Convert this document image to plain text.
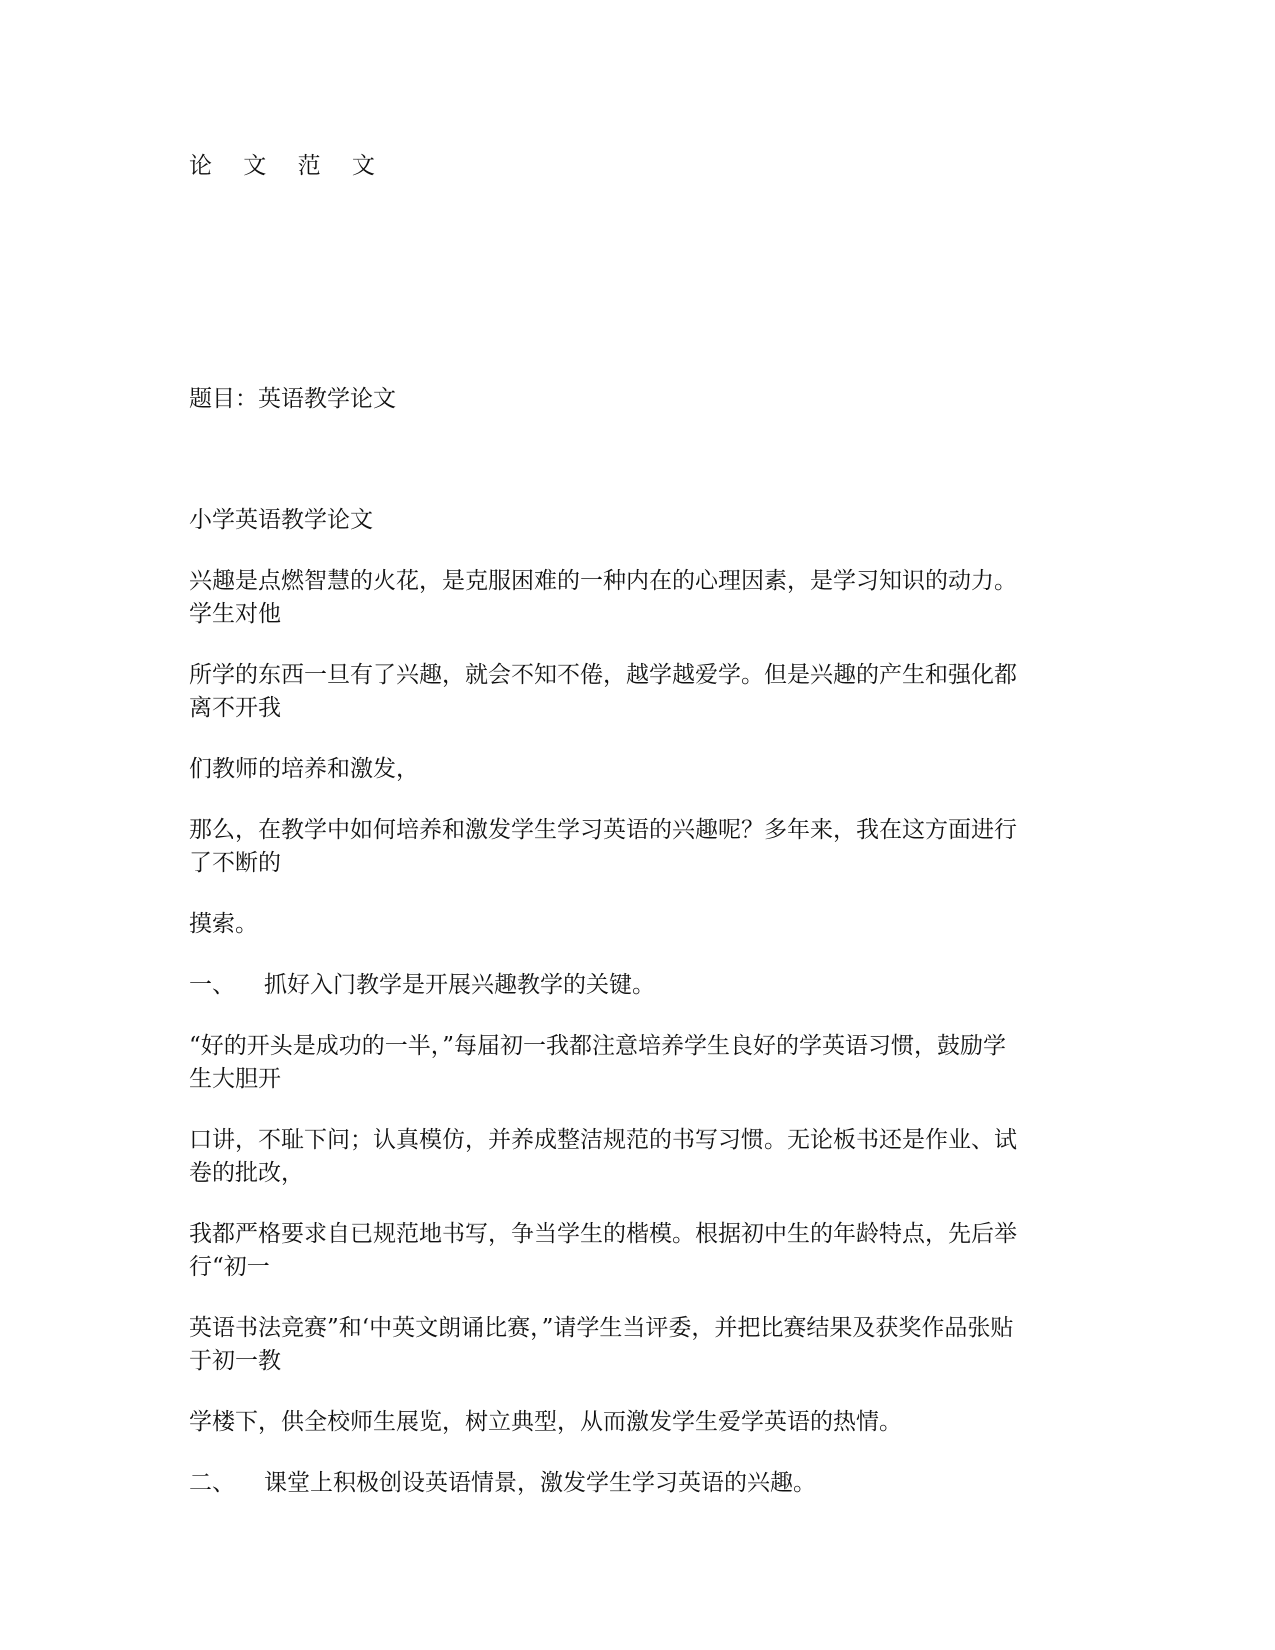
论 文 范 文

题目：英语教学论文

小学英语教学论文

兴趣是点燃智慧的火花，是克服困难的一种内在的心理因素，是学习知识的动力。

学生对他

所学的东西一旦有了兴趣，就会不知不倦，越学越爱学。但是兴趣的产生和强化都

离不开我

们教师的培养和激发，

那么，在教学中如何培养和激发学生学习英语的兴趣呢？多年来，我在这方面进行

了不断的

摸索。

一、 抓好入门教学是开展兴趣教学的关键。

“好的开头是成功的一半，”每届初一我都注意培养学生良好的学英语习惯，鼓励学

生大胆开

口讲，不耻下问；认真模仿，并养成整洁规范的书写习惯。无论板书还是作业、试

卷的批改，

我都严格要求自已规范地书写，争当学生的楷模。根据初中生的年龄特点，先后举

行“初一

英语书法竞赛”和‘中英文朗诵比赛，”请学生当评委，并把比赛结果及获奖作品张贴

于初一教

学楼下，供全校师生展览，树立典型，从而激发学生爱学英语的热情。

二、 课堂上积极创设英语情景，激发学生学习英语的兴趣。
